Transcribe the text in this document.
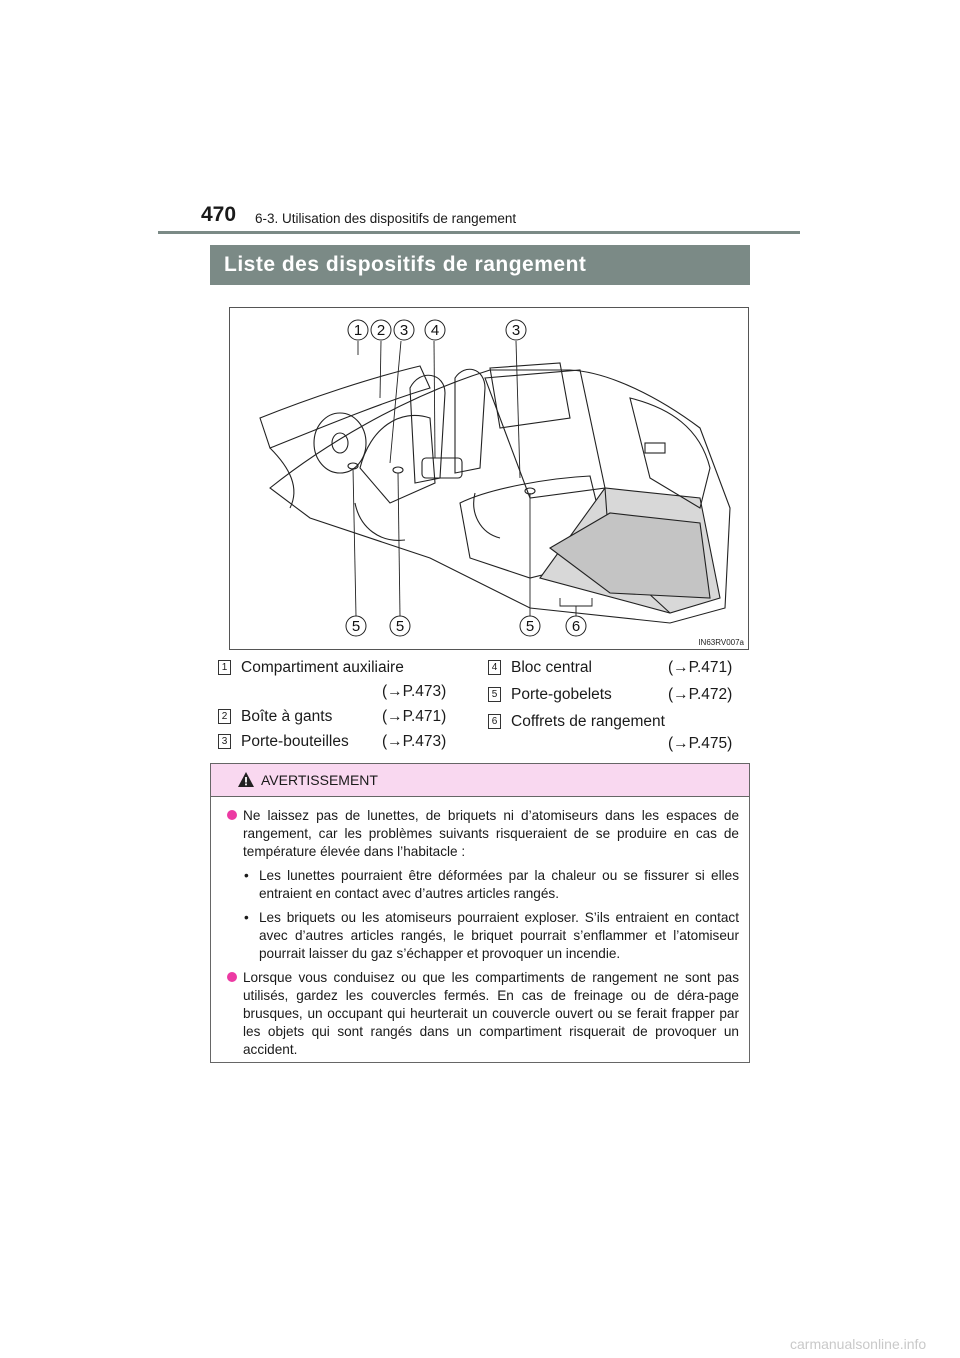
470 6-3. Utilisation des dispositifs de rangement
Liste des dispositifs de rangement
1 2 3 4	3
5 5	5	6
IN63RV007a
1 Compartiment auxiliaire
(→P.473)
2 Boîte à gants	(→P.471)
3 Porte-bouteilles (→P.473)
4 Bloc central	(→P.471)
5 Porte-gobelets	(→P.472)
6 Coffrets de rangement
(→P.475)
AVERTISSEMENT
Ne laissez pas de lunettes, de briquets ni d’atomiseurs dans les espaces de rangement, car les problèmes suivants risqueraient de se produire en cas de température élevée dans l’habitacle :
• Les lunettes pourraient être déformées par la chaleur ou se fissurer si elles entraient en contact avec d’autres articles rangés.
• Les briquets ou les atomiseurs pourraient exploser. S’ils entraient en contact avec d’autres articles rangés, le briquet pourrait s’enflammer et l’atomiseur pourrait laisser du gaz s’échapper et provoquer un incendie.
Lorsque vous conduisez ou que les compartiments de rangement ne sont pas utilisés, gardez les couvercles fermés. En cas de freinage ou de déra-page brusques, un occupant qui heurterait un couvercle ouvert ou se ferait frapper par les objets qui sont rangés dans un compartiment risquerait de provoquer un accident.
carmanualsonline.info
